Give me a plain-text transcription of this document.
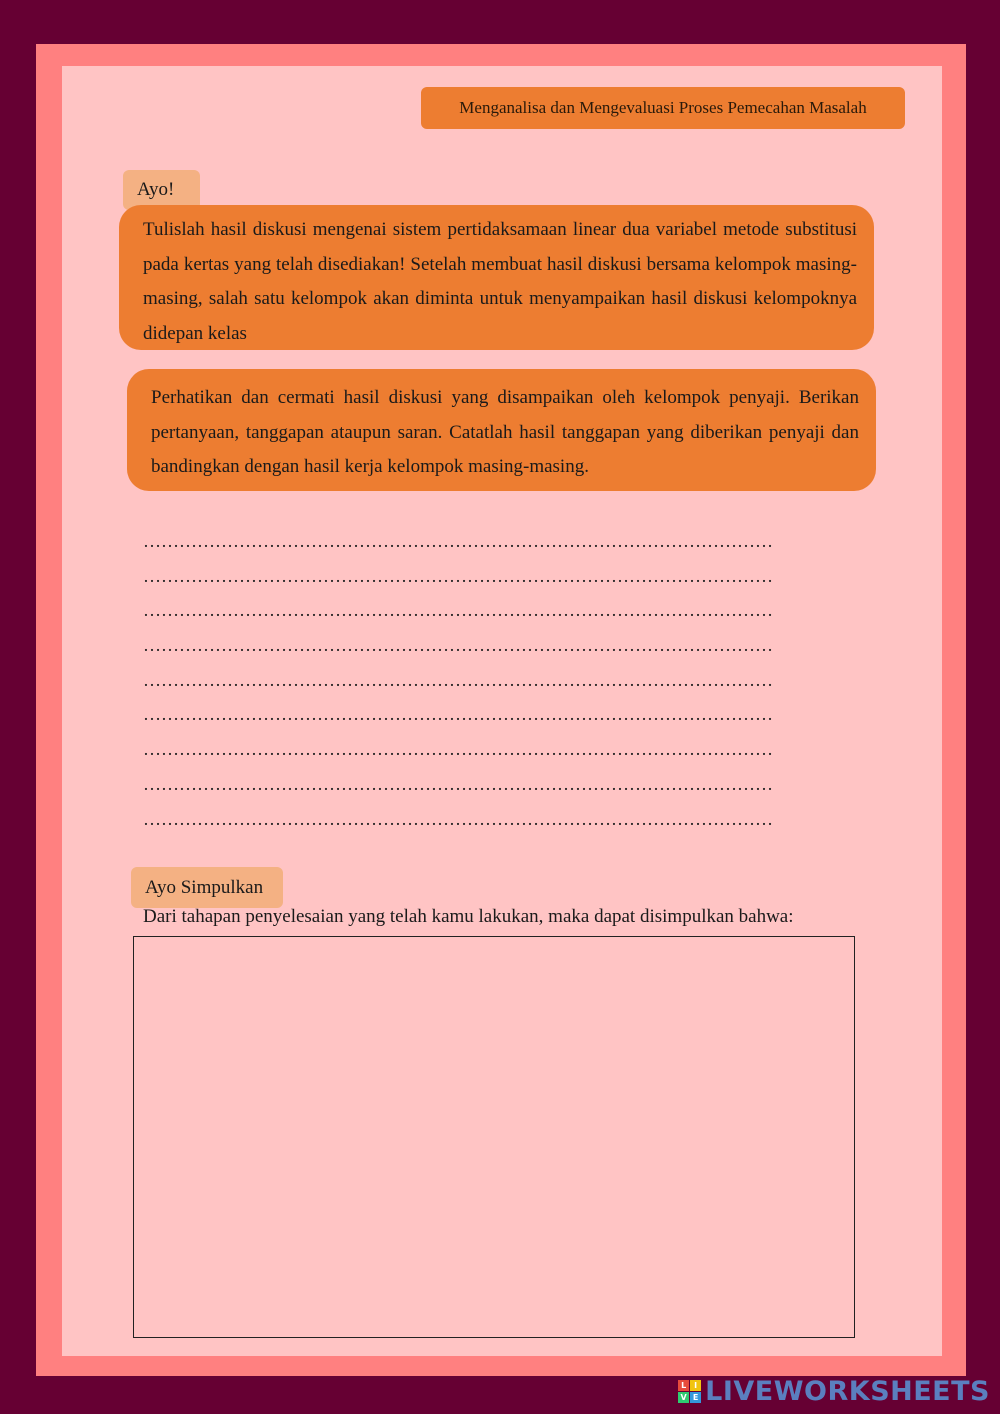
Menganalisa dan Mengevaluasi Proses Pemecahan Masalah
Ayo!
Tulislah hasil diskusi mengenai sistem pertidaksamaan linear dua variabel metode substitusi pada kertas yang telah disediakan! Setelah membuat hasil diskusi bersama kelompok masing-masing, salah satu kelompok akan diminta untuk menyampaikan hasil diskusi kelompoknya didepan kelas
Perhatikan dan cermati hasil diskusi yang disampaikan oleh kelompok penyaji. Berikan pertanyaan, tanggapan ataupun saran. Catatlah hasil tanggapan yang diberikan penyaji dan bandingkan dengan hasil kerja kelompok masing-masing.
……………………………………………………………………………………………
……………………………………………………………………………………………
……………………………………………………………………………………………
……………………………………………………………………………………………
……………………………………………………………………………………………
……………………………………………………………………………………………
……………………………………………………………………………………………
……………………………………………………………………………………………
……………………………………………………………………………………………
Ayo Simpulkan
Dari tahapan penyelesaian yang telah kamu lakukan, maka dapat disimpulkan bahwa:
L I
V E LIVEWORKSHEETS
